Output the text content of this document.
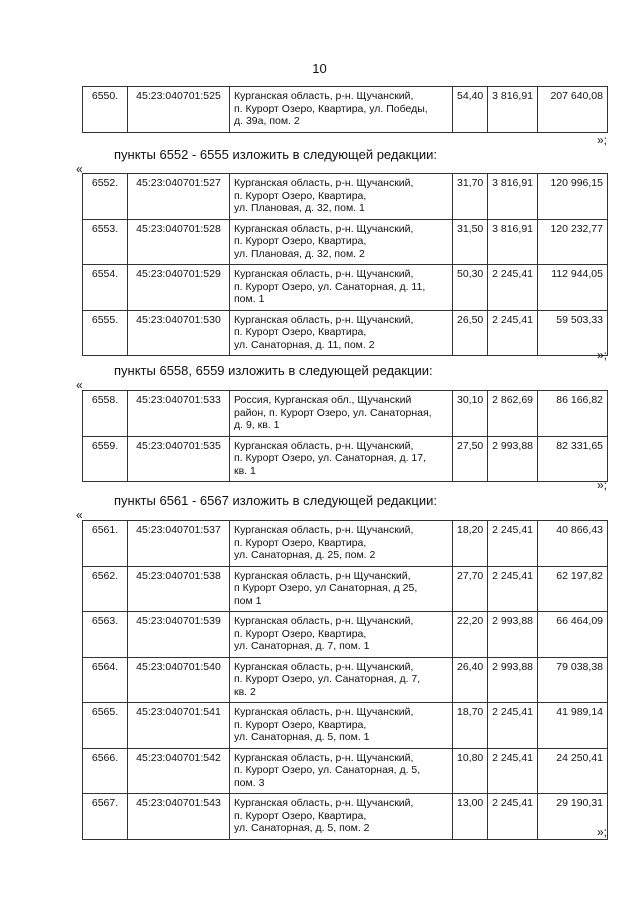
10
6550.	45:23:040701:525	Курганская область, р-н. Щучанский,
п. Курорт Озеро, Квартира, ул. Победы,
д. 39а, пом. 2	54,40	3 816,91	207 640,08
»;
пункты 6552 - 6555 изложить в следующей редакции:
«
6552.	45:23:040701:527	Курганская область, р-н. Щучанский,
п. Курорт Озеро, Квартира,
ул. Плановая, д. 32, пом. 1	31,70	3 816,91	120 996,15
6553.	45:23:040701:528	Курганская область, р-н. Щучанский,
п. Курорт Озеро, Квартира,
ул. Плановая, д. 32, пом. 2	31,50	3 816,91	120 232,77
6554.	45:23:040701:529	Курганская область, р-н. Щучанский,
п. Курорт Озеро, ул. Санаторная, д. 11,
пом. 1	50,30	2 245,41	112 944,05
6555.	45:23:040701:530	Курганская область, р-н. Щучанский,
п. Курорт Озеро, Квартира,
ул. Санаторная, д. 11, пом. 2	26,50	2 245,41	59 503,33
»;
пункты 6558, 6559 изложить в следующей редакции:
«
6558.	45:23:040701:533	Россия, Курганская обл., Щучанский
район, п. Курорт Озеро, ул. Санаторная,
д. 9, кв. 1	30,10	2 862,69	86 166,82
6559.	45:23:040701:535	Курганская область, р-н. Щучанский,
п. Курорт Озеро, ул. Санаторная, д. 17,
кв. 1	27,50	2 993,88	82 331,65
»;
пункты 6561 - 6567 изложить в следующей редакции:
«
6561.	45:23:040701:537	Курганская область, р-н. Щучанский,
п. Курорт Озеро, Квартира,
ул. Санаторная, д. 25, пом. 2	18,20	2 245,41	40 866,43
6562.	45:23:040701:538	Курганская область, р-н Щучанский,
п Курорт Озеро, ул Санаторная, д 25,
пом 1	27,70	2 245,41	62 197,82
6563.	45:23:040701:539	Курганская область, р-н. Щучанский,
п. Курорт Озеро, Квартира,
ул. Санаторная, д. 7, пом. 1	22,20	2 993,88	66 464,09
6564.	45:23:040701:540	Курганская область, р-н. Щучанский,
п. Курорт Озеро, ул. Санаторная, д. 7,
кв. 2	26,40	2 993,88	79 038,38
6565.	45:23:040701:541	Курганская область, р-н. Щучанский,
п. Курорт Озеро, Квартира,
ул. Санаторная, д. 5, пом. 1	18,70	2 245,41	41 989,14
6566.	45:23:040701:542	Курганская область, р-н. Щучанский,
п. Курорт Озеро, ул. Санаторная, д. 5,
пом. 3	10,80	2 245,41	24 250,41
6567.	45:23:040701:543	Курганская область, р-н. Щучанский,
п. Курорт Озеро, Квартира,
ул. Санаторная, д. 5, пом. 2	13,00	2 245,41	29 190,31
»;
